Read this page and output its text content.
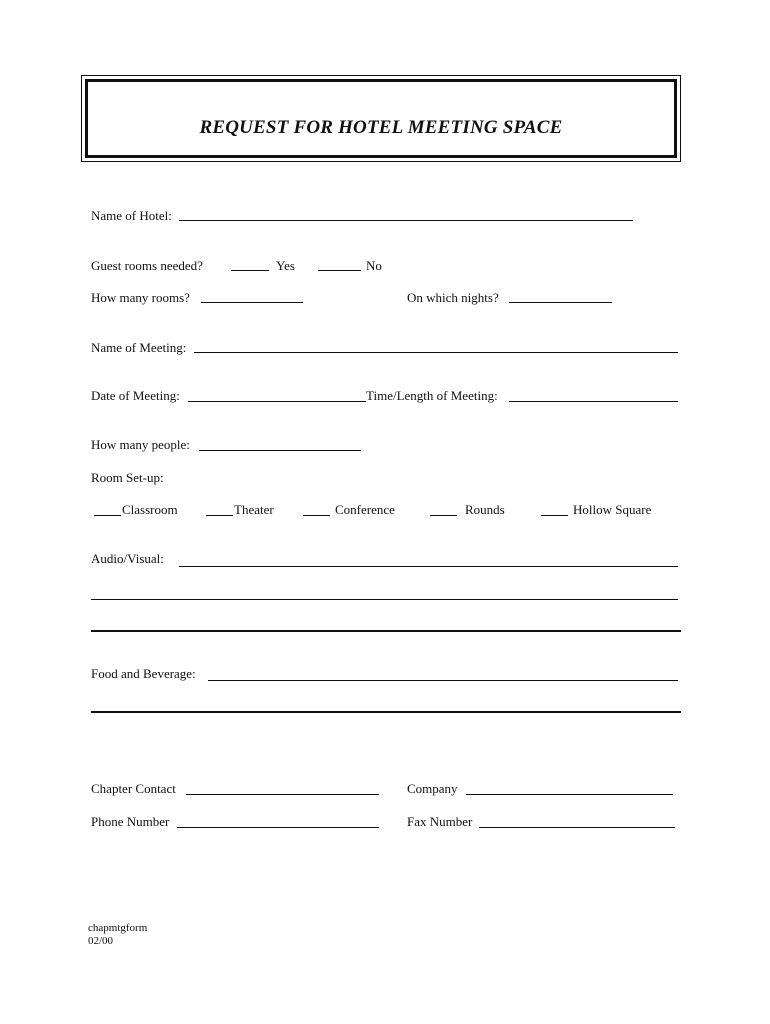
REQUEST FOR HOTEL MEETING SPACE
Name of Hotel:
Guest rooms needed?	Yes	No
How many rooms?	On which nights?
Name of Meeting:
Date of Meeting:	Time/Length of Meeting:
How many people:
Room Set-up:
Classroom	Theater	Conference	Rounds	Hollow Square
Audio/Visual:
Food and Beverage:
Chapter Contact	Company
Phone Number	Fax Number
chapmtgform
02/00
